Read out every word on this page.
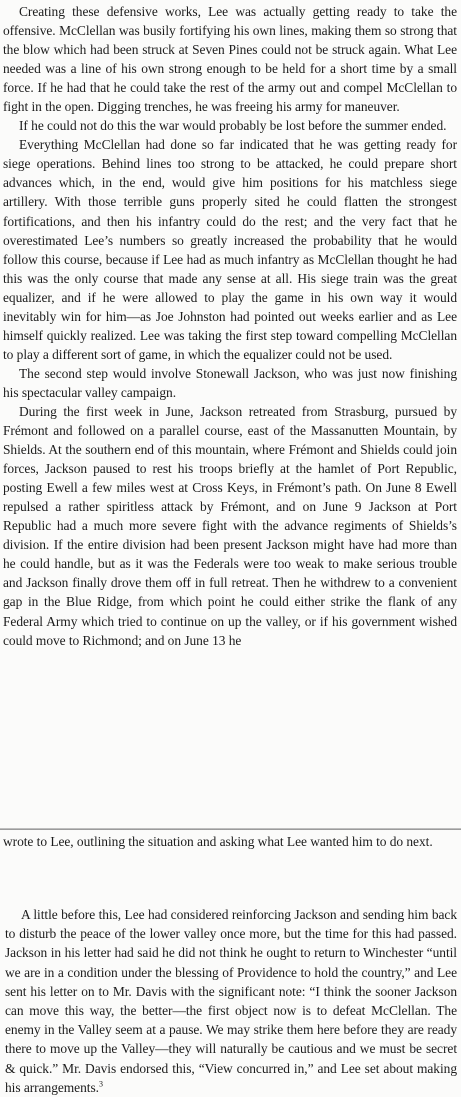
Creating these defensive works, Lee was actually getting ready to take the offensive. McClellan was busily fortifying his own lines, making them so strong that the blow which had been struck at Seven Pines could not be struck again. What Lee needed was a line of his own strong enough to be held for a short time by a small force. If he had that he could take the rest of the army out and compel McClellan to fight in the open. Digging trenches, he was freeing his army for maneuver.

If he could not do this the war would probably be lost before the summer ended.

Everything McClellan had done so far indicated that he was getting ready for siege operations. Behind lines too strong to be attacked, he could prepare short advances which, in the end, would give him positions for his matchless siege artillery. With those terrible guns properly sited he could flatten the strongest fortifications, and then his infantry could do the rest; and the very fact that he overestimated Lee’s numbers so greatly increased the probability that he would follow this course, because if Lee had as much infantry as McClellan thought he had this was the only course that made any sense at all. His siege train was the great equalizer, and if he were allowed to play the game in his own way it would inevitably win for him—as Joe Johnston had pointed out weeks earlier and as Lee himself quickly realized. Lee was taking the first step toward compelling McClellan to play a different sort of game, in which the equalizer could not be used.

The second step would involve Stonewall Jackson, who was just now finishing his spectacular valley campaign.

During the first week in June, Jackson retreated from Strasburg, pursued by Frémont and followed on a parallel course, east of the Massanutten Mountain, by Shields. At the southern end of this mountain, where Frémont and Shields could join forces, Jackson paused to rest his troops briefly at the hamlet of Port Republic, posting Ewell a few miles west at Cross Keys, in Frémont’s path. On June 8 Ewell repulsed a rather spiritless attack by Frémont, and on June 9 Jackson at Port Republic had a much more severe fight with the advance regiments of Shields’s division. If the entire division had been present Jackson might have had more than he could handle, but as it was the Federals were too weak to make serious trouble and Jackson finally drove them off in full retreat. Then he withdrew to a convenient gap in the Blue Ridge, from which point he could either strike the flank of any Federal Army which tried to continue on up the valley, or if his government wished could move to Richmond; and on June 13 he

wrote to Lee, outlining the situation and asking what Lee wanted him to do next.

A little before this, Lee had considered reinforcing Jackson and sending him back to disturb the peace of the lower valley once more, but the time for this had passed. Jackson in his letter had said he did not think he ought to return to Winchester “until we are in a condition under the blessing of Providence to hold the country,” and Lee sent his letter on to Mr. Davis with the significant note: “I think the sooner Jackson can move this way, the better—the first object now is to defeat McClellan. The enemy in the Valley seem at a pause. We may strike them here before they are ready there to move up the Valley—they will naturally be cautious and we must be secret & quick.” Mr. Davis endorsed this, “View concurred in,” and Lee set about making his arrangements.$^3$
